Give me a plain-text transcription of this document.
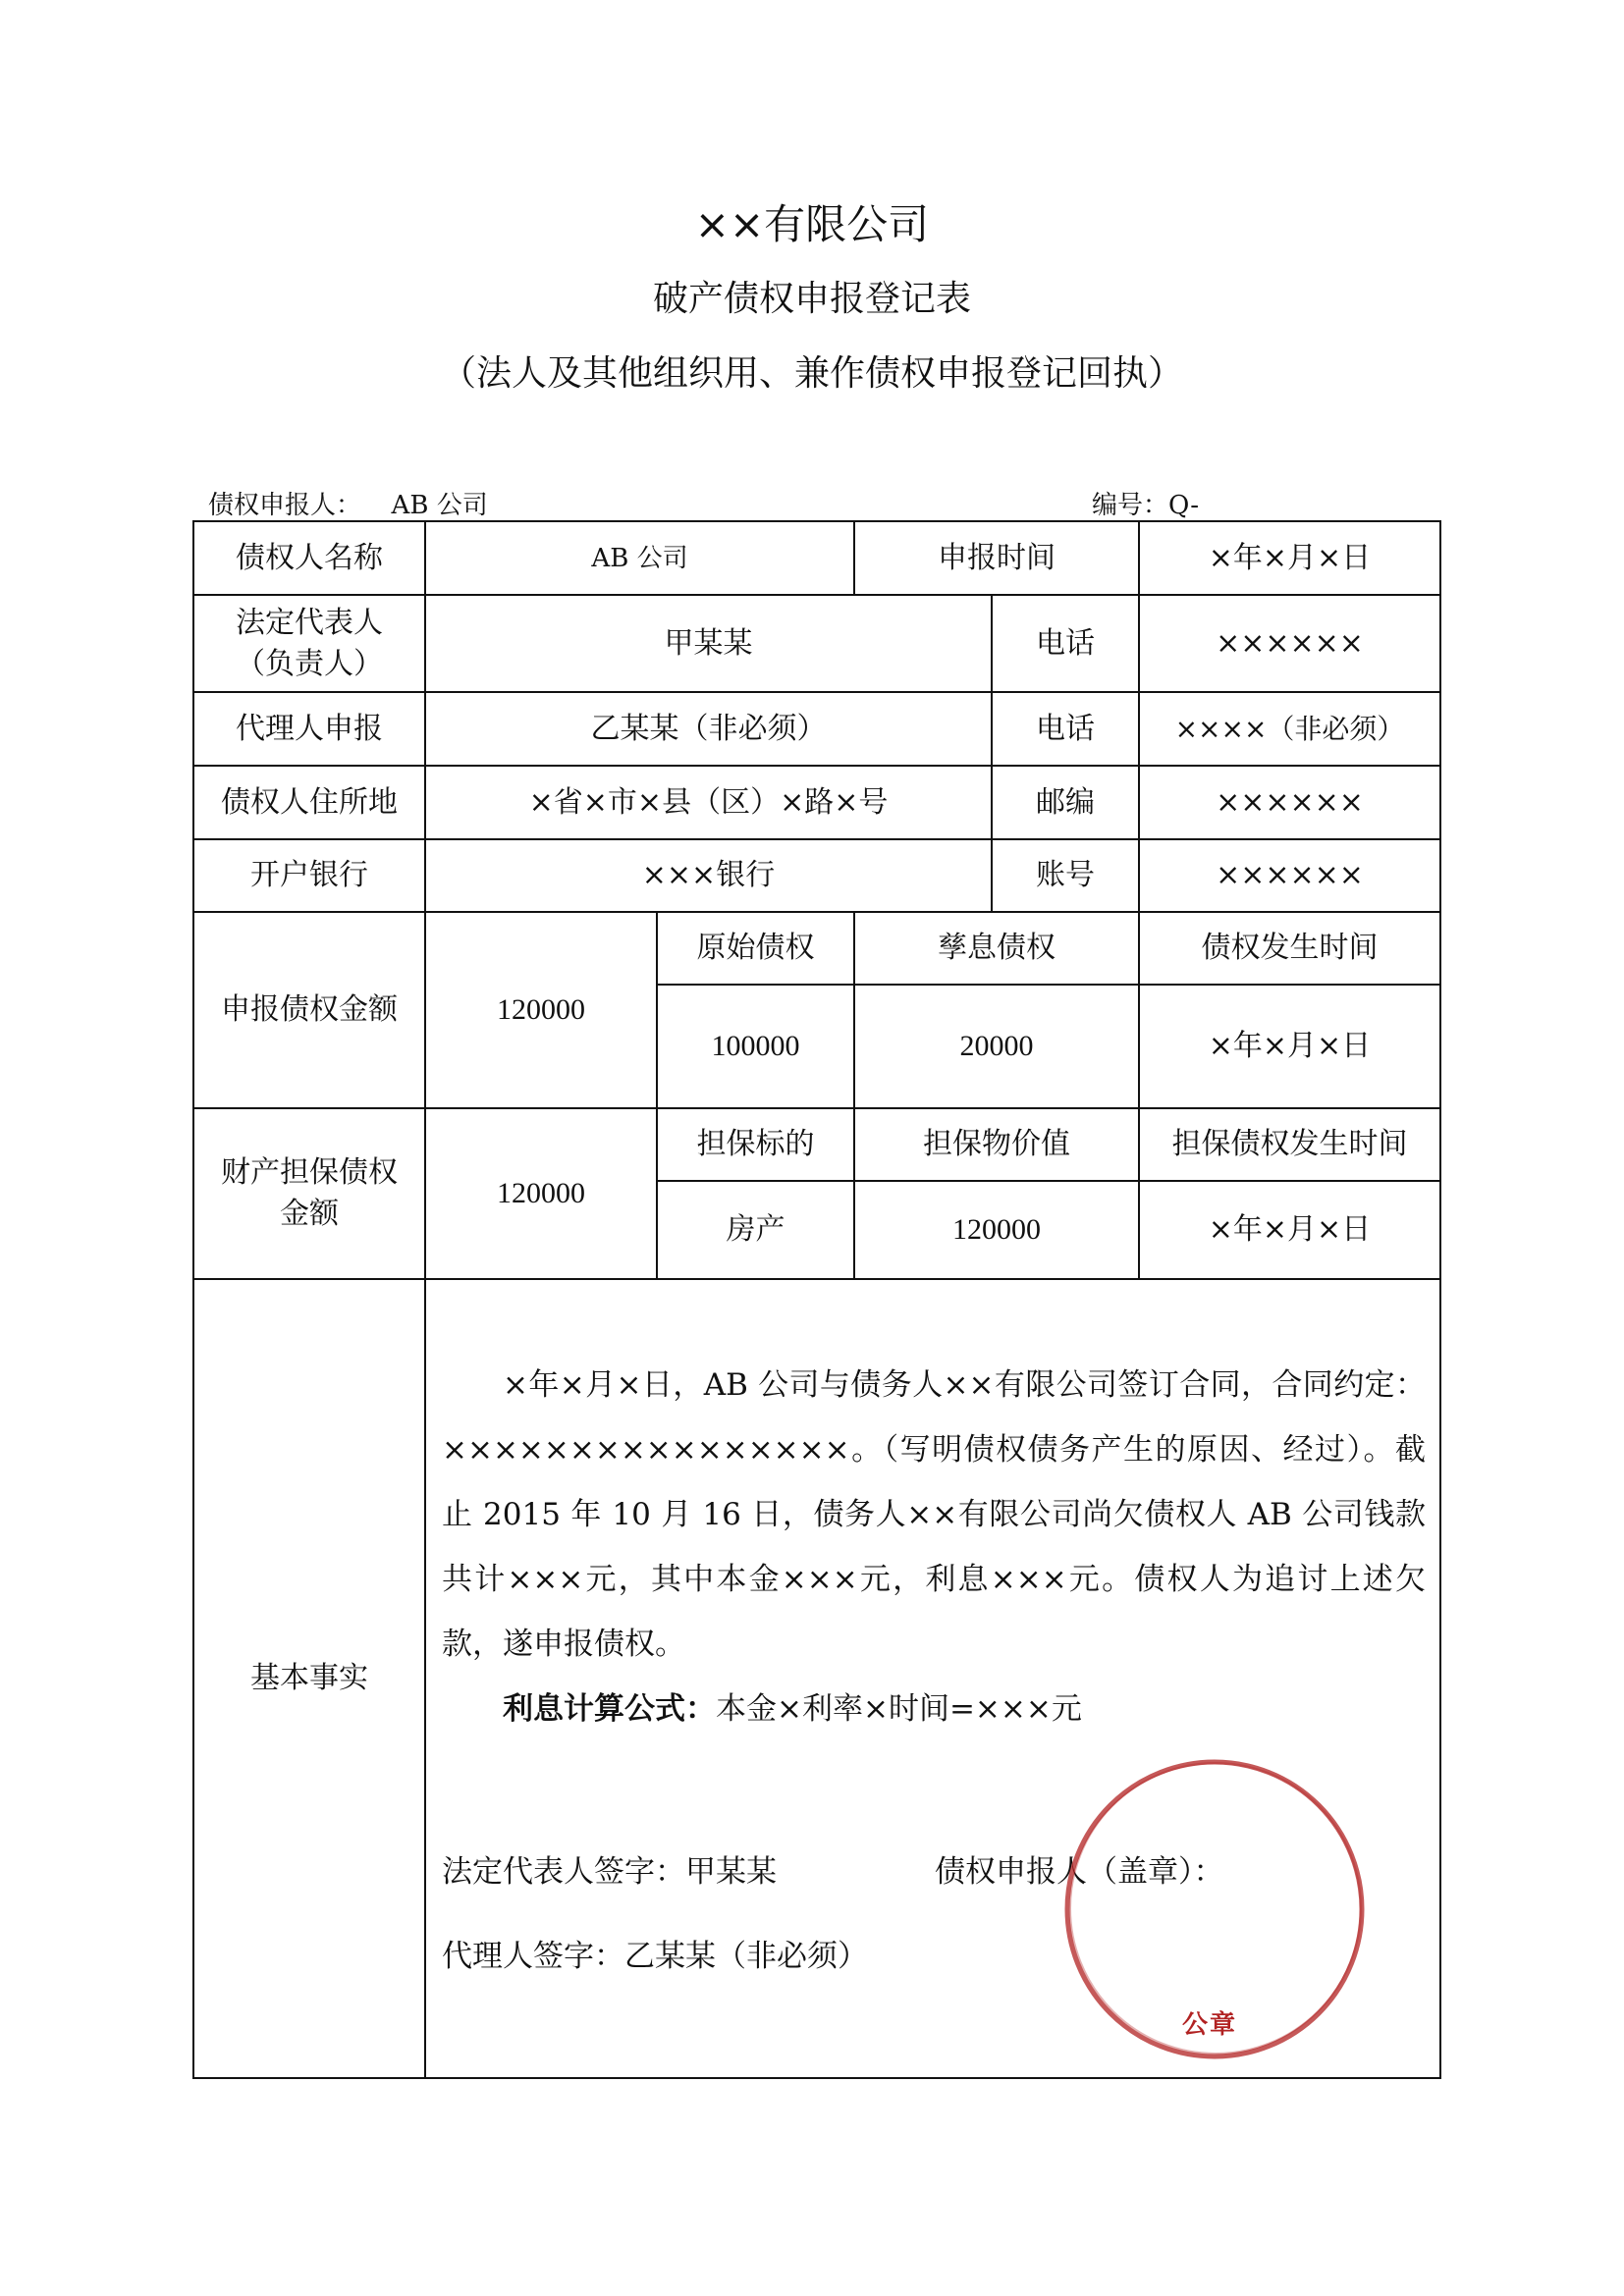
××有限公司
破产债权申报登记表
（法人及其他组织用、兼作债权申报登记回执）
债权申报人： AB 公司	编号：Q-
债权人名称	AB 公司		申报时间		×年×月×日

法定代表人
（负责人）	甲某某			电话	××××××
代理人申报	乙某某（非必须）			电话	××××（非必须）
债权人住所地	×省×市×县（区）×路×号			邮编	××××××
开户银行	×××银行			账号	××××××
申报债权金额	120000	原始债权	孳息债权		债权发生时间
		100000	20000		×年×月×日

财产担保债权
金额	120000	担保标的	担保物价值		担保债权发生时间
		房产	120000		×年×月×日
基本事实	×年×月×日，AB 公司与债务人××有限公司签订合同，合同约定：××××××××××××××××。（写明债权债务产生的原因、经过）。截止 2015 年 10 月 16 日，债务人××有限公司尚欠债权人 AB 公司钱款共计×××元，其中本金×××元，利息×××元。债权人为追讨上述欠款，遂申报债权。

利息计算公式：本金×利率×时间=×××元

法定代表人签字：甲某某 债权申报人（盖章）：
代理人签字：乙某某（非必须）				
公章
